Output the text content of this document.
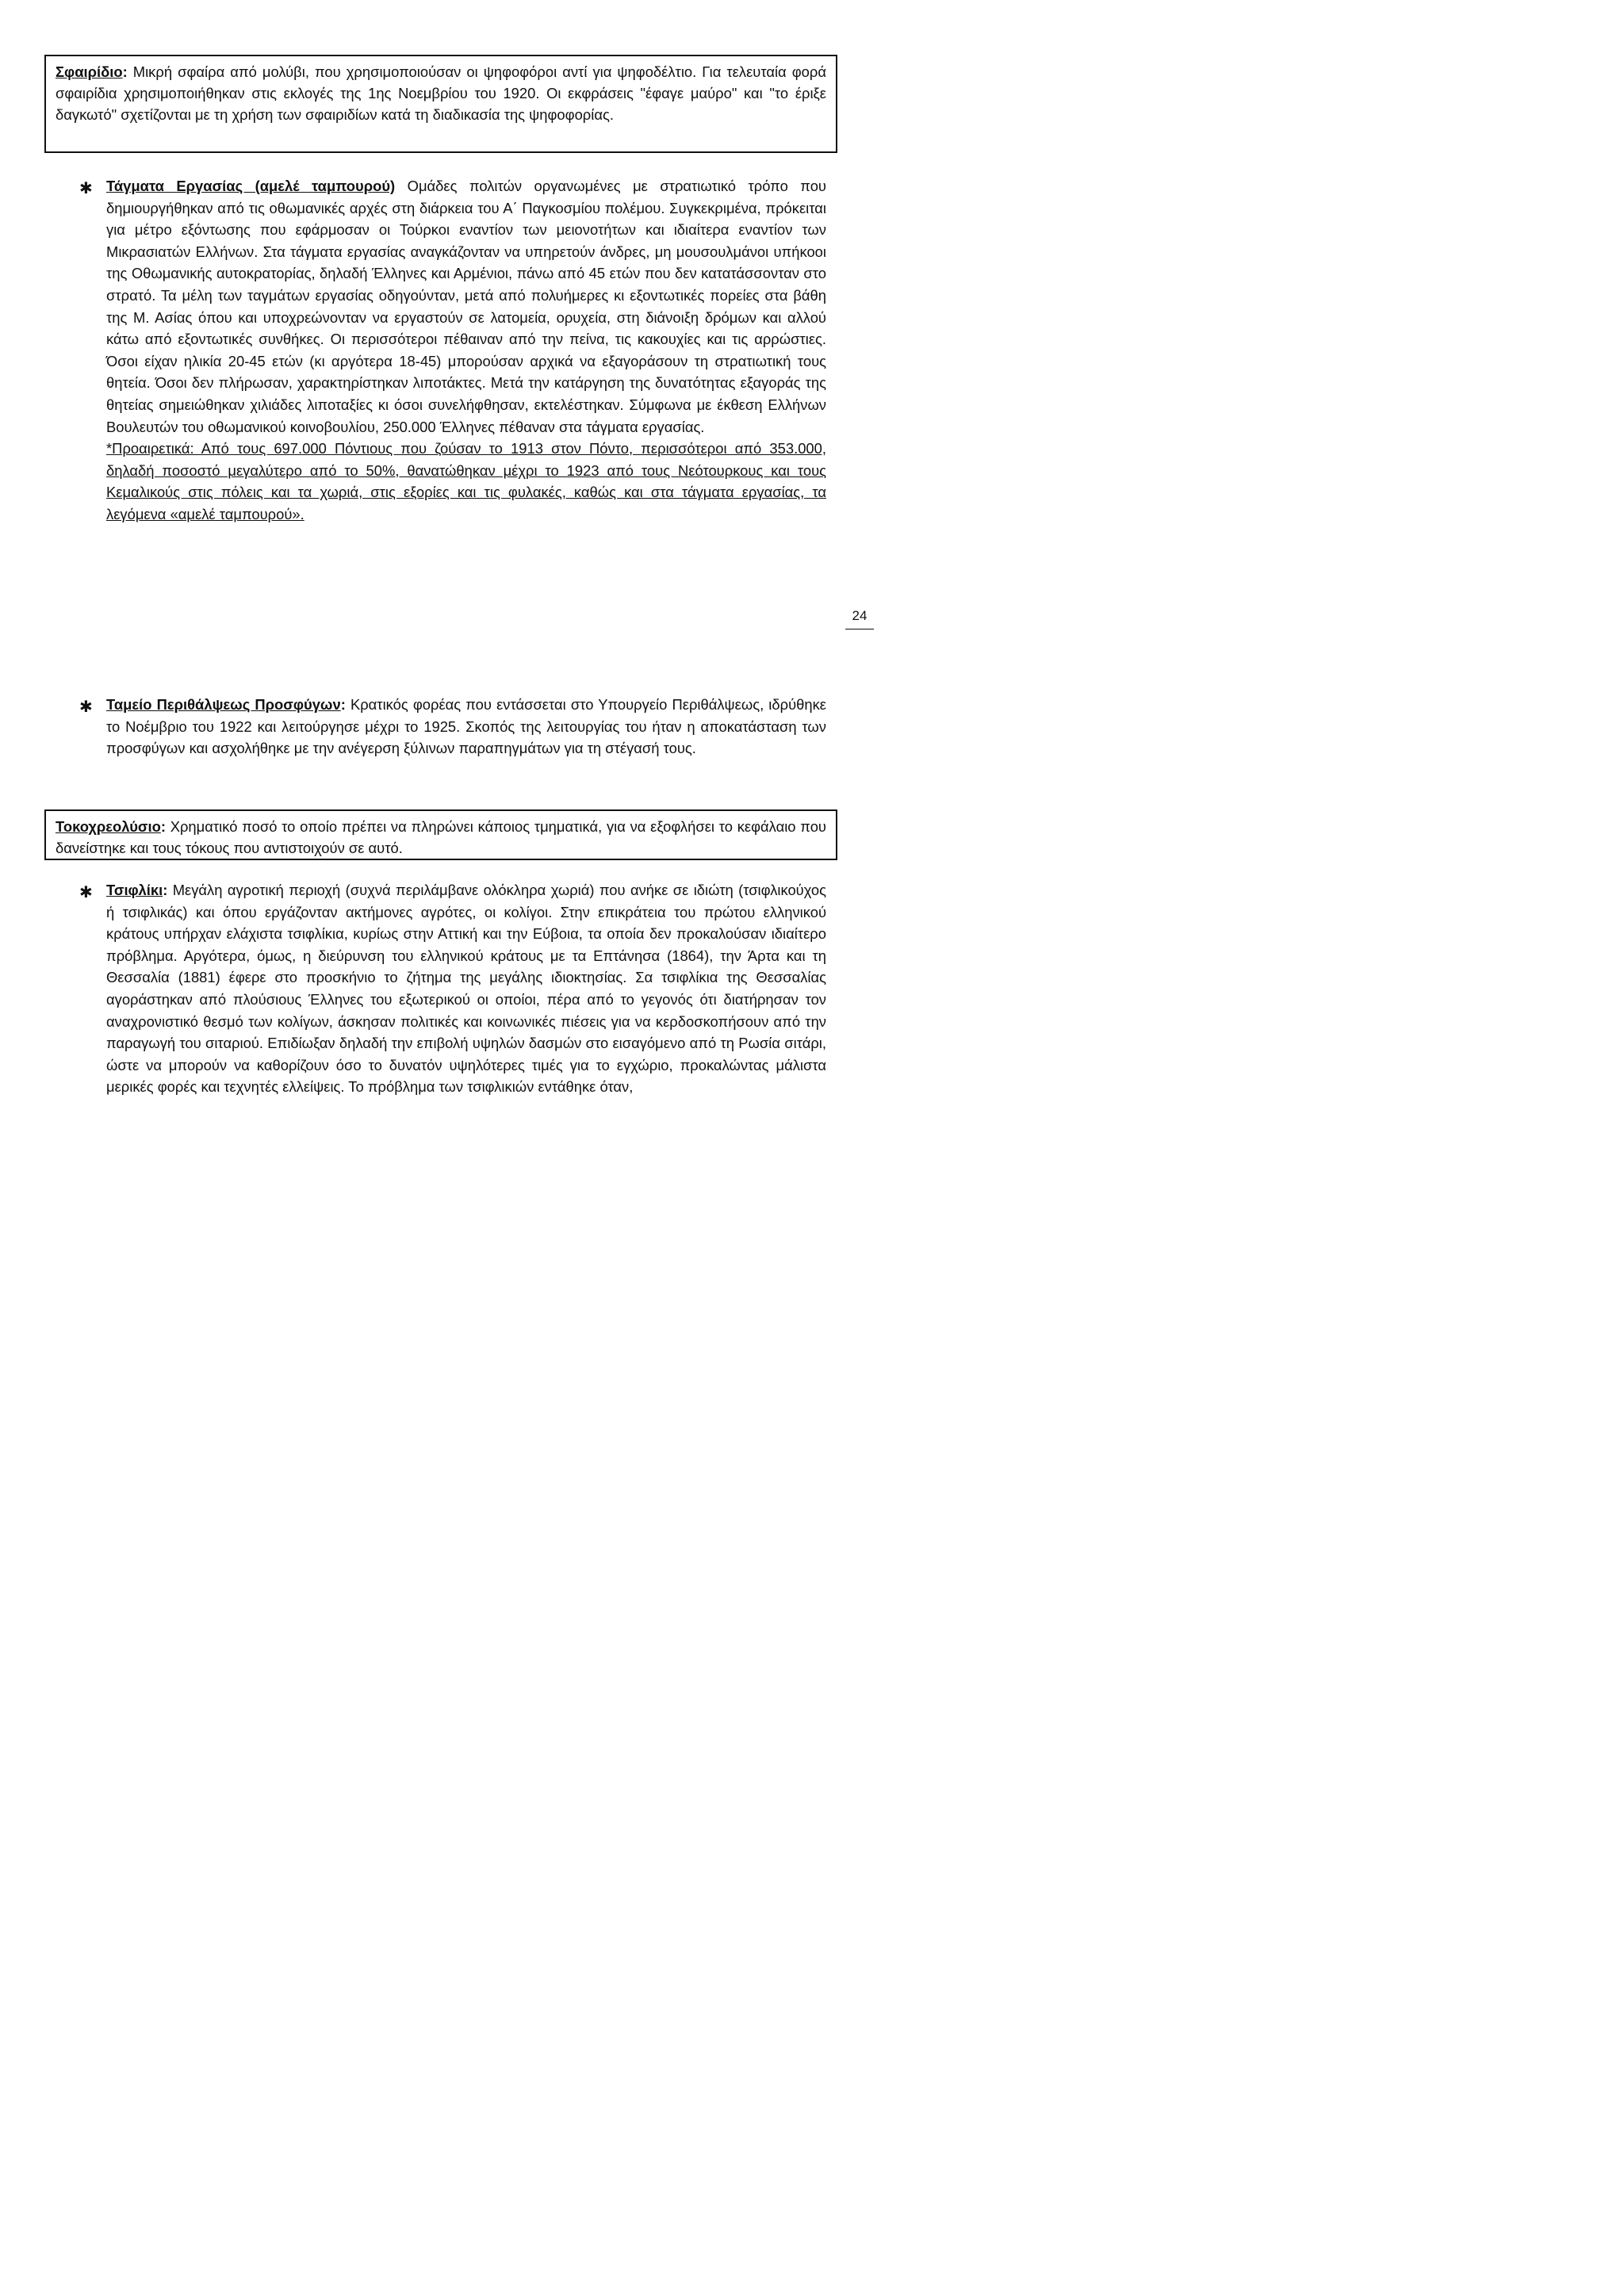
Σφαιρίδιο: Μικρή σφαίρα από μολύβι, που χρησιμοποιούσαν οι ψηφοφόροι αντί για ψηφοδέλτιο. Για τελευταία φορά σφαιρίδια χρησιμοποιήθηκαν στις εκλογές της 1ης Νοεμβρίου του 1920. Οι εκφράσεις "έφαγε μαύρο" και "το έριξε δαγκωτό" σχετίζονται με τη χρήση των σφαιριδίων κατά τη διαδικασία της ψηφοφορίας.
✱ Τάγματα Εργασίας (αμελέ ταμπουρού) Ομάδες πολιτών οργανωμένες με στρατιωτικό τρόπο που δημιουργήθηκαν από τις οθωμανικές αρχές στη διάρκεια του Α΄ Παγκοσμίου πολέμου. Συγκεκριμένα, πρόκειται για μέτρο εξόντωσης που εφάρμοσαν οι Τούρκοι εναντίον των μειονοτήτων και ιδιαίτερα εναντίον των Μικρασιατών Ελλήνων. Στα τάγματα εργασίας αναγκάζονταν να υπηρετούν άνδρες, μη μουσουλμάνοι υπήκοοι της Οθωμανικής αυτοκρατορίας, δηλαδή Έλληνες και Αρμένιοι, πάνω από 45 ετών που δεν κατατάσσονταν στο στρατό. Τα μέλη των ταγμάτων εργασίας οδηγούνταν, μετά από πολυήμερες κι εξοντωτικές πορείες στα βάθη της Μ. Ασίας όπου και υποχρεώνονταν να εργαστούν σε λατομεία, ορυχεία, στη διάνοιξη δρόμων και αλλού κάτω από εξοντωτικές συνθήκες. Οι περισσότεροι πέθαιναν από την πείνα, τις κακουχίες και τις αρρώστιες. Όσοι είχαν ηλικία 20-45 ετών (κι αργότερα 18-45) μπορούσαν αρχικά να εξαγοράσουν τη στρατιωτική τους θητεία. Όσοι δεν πλήρωσαν, χαρακτηρίστηκαν λιποτάκτες. Μετά την κατάργηση της δυνατότητας εξαγοράς της θητείας σημειώθηκαν χιλιάδες λιποταξίες κι όσοι συνελήφθησαν, εκτελέστηκαν. Σύμφωνα με έκθεση Ελλήνων Βουλευτών του οθωμανικού κοινοβουλίου, 250.000 Έλληνες πέθαναν στα τάγματα εργασίας.

*Προαιρετικά: Από τους 697.000 Πόντιους που ζούσαν το 1913 στον Πόντο, περισσότεροι από 353.000, δηλαδή ποσοστό μεγαλύτερο από το 50%, θανατώθηκαν μέχρι το 1923 από τους Νεότουρκους και τους Κεμαλικούς στις πόλεις και τα χωριά, στις εξορίες και τις φυλακές, καθώς και στα τάγματα εργασίας, τα λεγόμενα «αμελέ ταμπουρού».

24
✱ Ταμείο Περιθάλψεως Προσφύγων: Κρατικός φορέας που εντάσσεται στο Υπουργείο Περιθάλψεως, ιδρύθηκε το Νοέμβριο του 1922 και λειτούργησε μέχρι το 1925. Σκοπός της λειτουργίας του ήταν η αποκατάσταση των προσφύγων και ασχολήθηκε με την ανέγερση ξύλινων παραπηγμάτων για τη στέγασή τους.

Τοκοχρεολύσιο: Χρηματικό ποσό το οποίο πρέπει να πληρώνει κάποιος τμηματικά, για να εξοφλήσει το κεφάλαιο που δανείστηκε και τους τόκους που αντιστοιχούν σε αυτό.
✱ Τσιφλίκι: Μεγάλη αγροτική περιοχή (συχνά περιλάμβανε ολόκληρα χωριά) που ανήκε σε ιδιώτη (τσιφλικούχος ή τσιφλικάς) και όπου εργάζονταν ακτήμονες αγρότες, οι κολίγοι. Στην επικράτεια του πρώτου ελληνικού κράτους υπήρχαν ελάχιστα τσιφλίκια, κυρίως στην Αττική και την Εύβοια, τα οποία δεν προκαλούσαν ιδιαίτερο πρόβλημα. Αργότερα, όμως, η διεύρυνση του ελληνικού κράτους με τα Επτάνησα (1864), την Άρτα και τη Θεσσαλία (1881) έφερε στο προσκήνιο το ζήτημα της μεγάλης ιδιοκτησίας. Σα τσιφλίκια της Θεσσαλίας αγοράστηκαν από πλούσιους Έλληνες του εξωτερικού οι οποίοι, πέρα από το γεγονός ότι διατήρησαν τον αναχρονιστικό θεσμό των κολίγων, άσκησαν πολιτικές και κοινωνικές πιέσεις για να κερδοσκοπήσουν από την παραγωγή του σιταριού. Επιδίωξαν δηλαδή την επιβολή υψηλών δασμών στο εισαγόμενο από τη Ρωσία σιτάρι, ώστε να μπορούν να καθορίζουν όσο το δυνατόν υψηλότερες τιμές για το εγχώριο, προκαλώντας μάλιστα μερικές φορές και τεχνητές ελλείψεις. Το πρόβλημα των τσιφλικιών εντάθηκε όταν,
